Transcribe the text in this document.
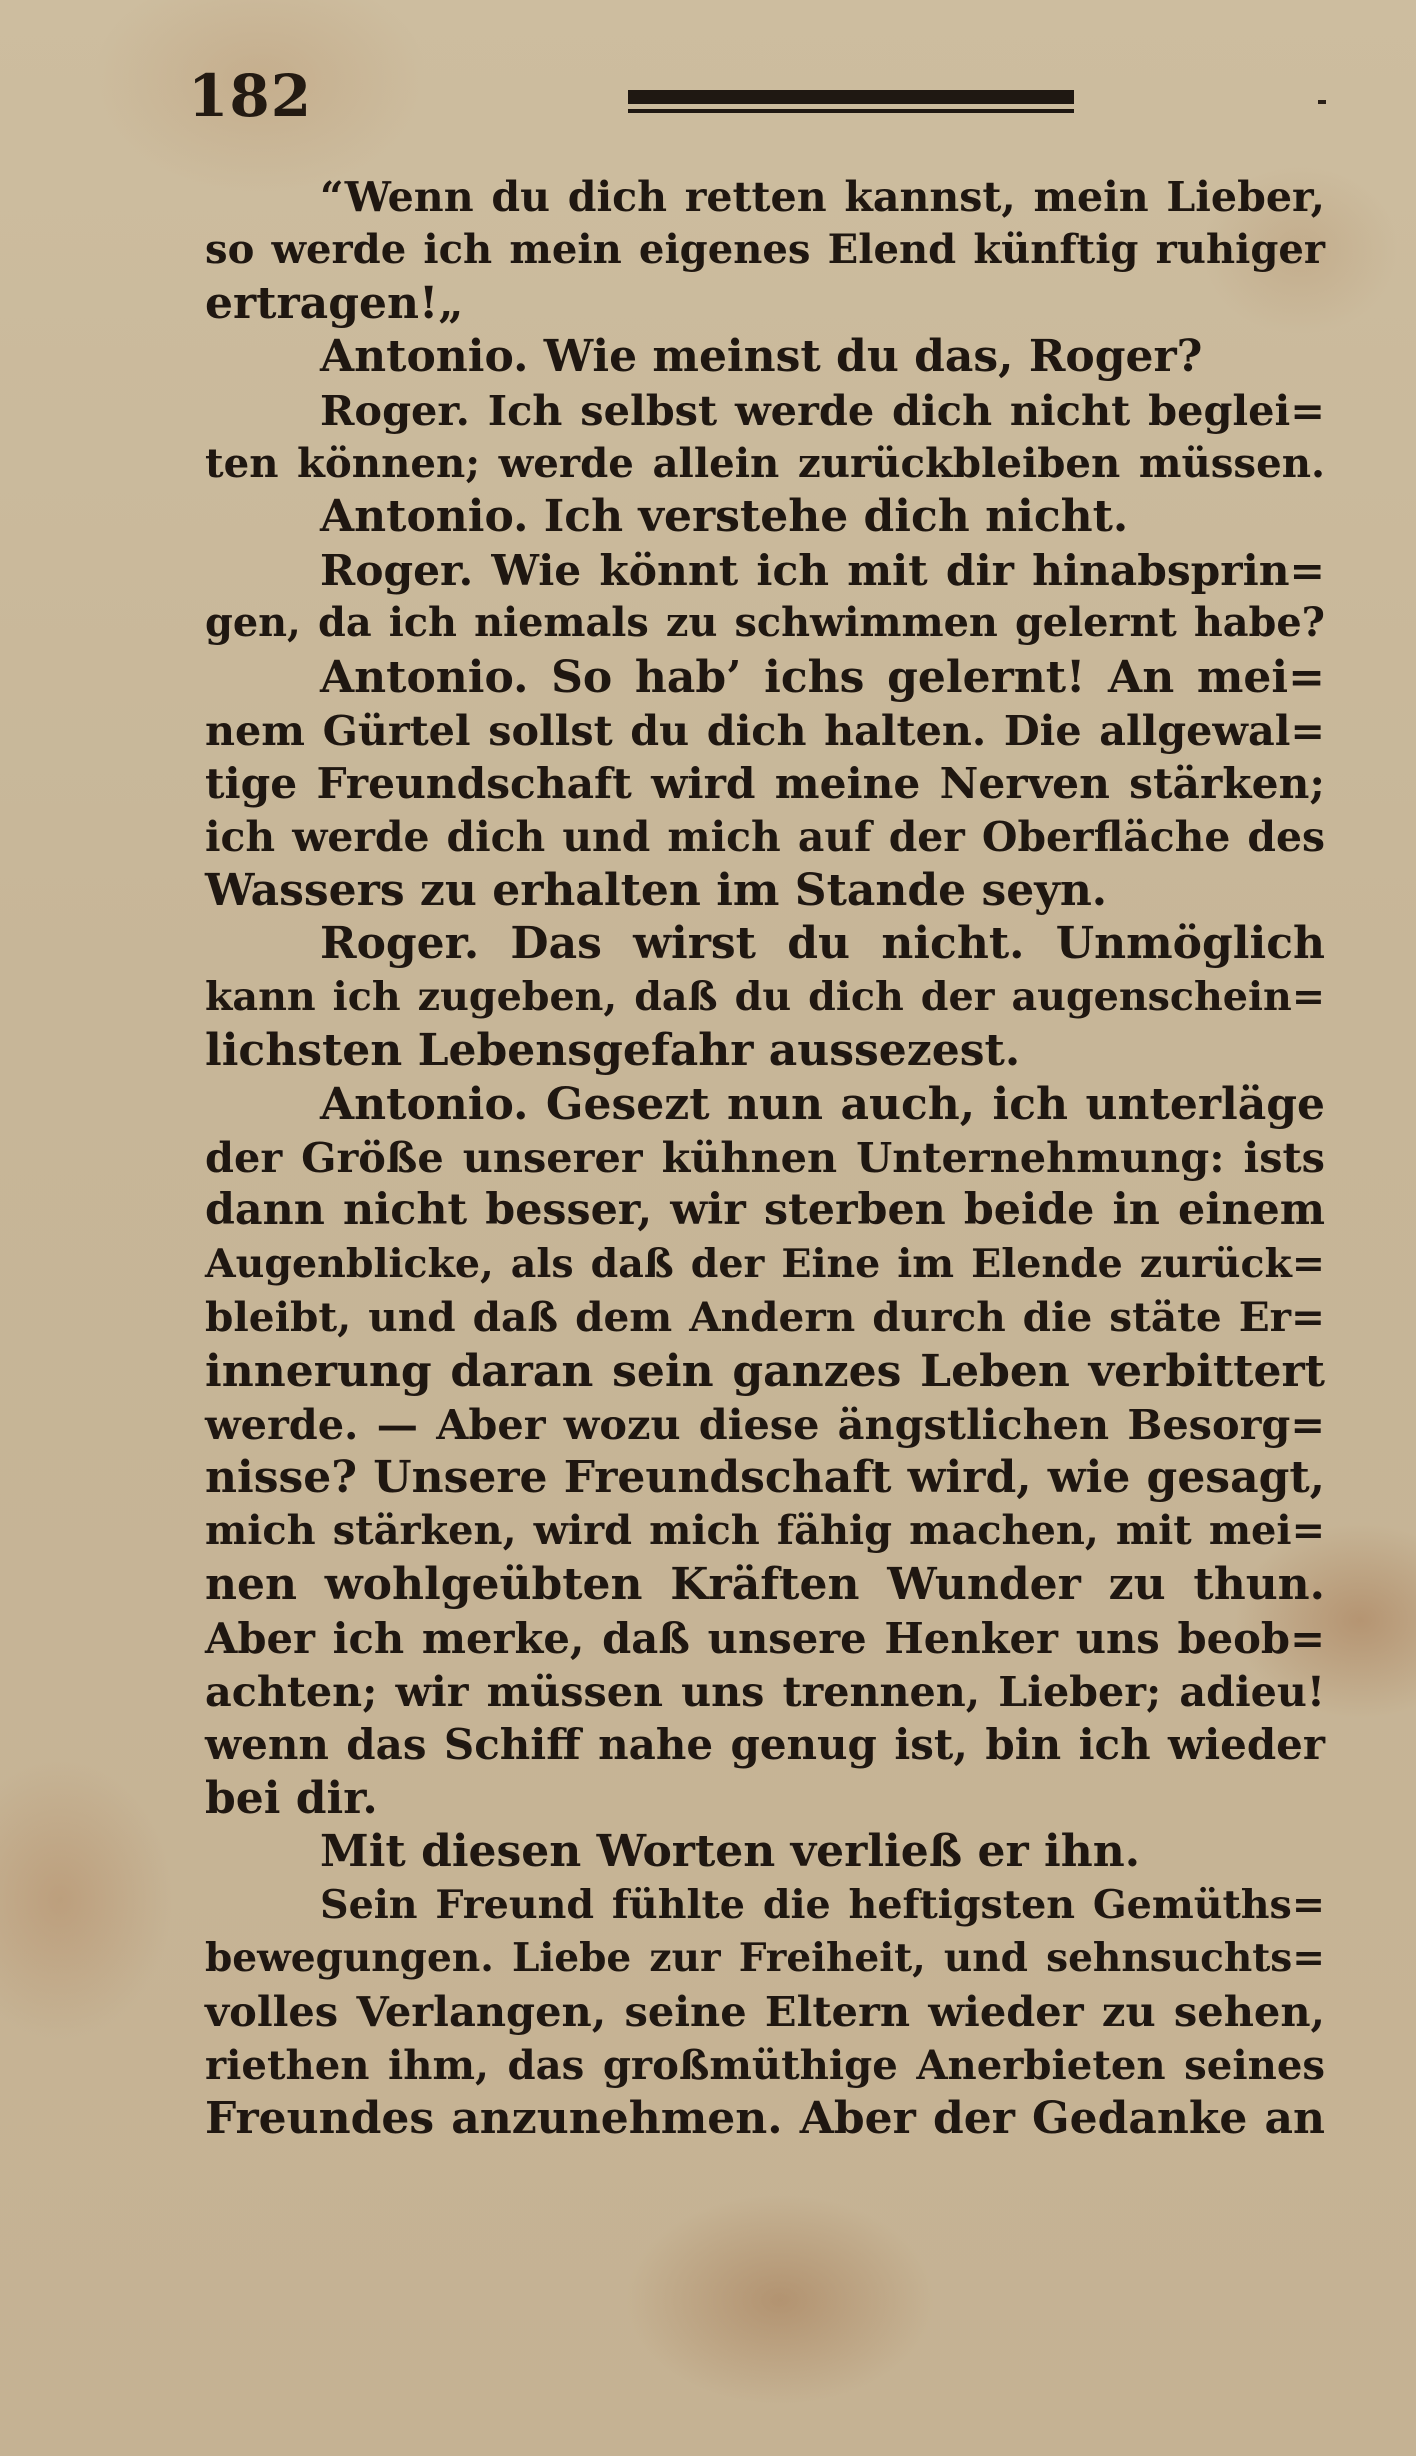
182
“Wenn du dich retten kannst, mein Lieber,
so werde ich mein eigenes Elend künftig ruhiger
ertragen!„
Antonio. Wie meinst du das, Roger?
Roger. Ich selbst werde dich nicht beglei=
ten können; werde allein zurückbleiben müssen.
Antonio. Ich verstehe dich nicht.
Roger. Wie könnt ich mit dir hinabsprin=
gen, da ich niemals zu schwimmen gelernt habe?
Antonio. So hab’ ichs gelernt! An mei=
nem Gürtel sollst du dich halten. Die allgewal=
tige Freundschaft wird meine Nerven stärken;
ich werde dich und mich auf der Oberfläche des
Wassers zu erhalten im Stande seyn.
Roger. Das wirst du nicht. Unmöglich
kann ich zugeben, daß du dich der augenschein=
lichsten Lebensgefahr aussezest.
Antonio. Gesezt nun auch, ich unterläge
der Größe unserer kühnen Unternehmung: ists
dann nicht besser, wir sterben beide in einem
Augenblicke, als daß der Eine im Elende zurück=
bleibt, und daß dem Andern durch die stäte Er=
innerung daran sein ganzes Leben verbittert
werde. — Aber wozu diese ängstlichen Besorg=
nisse? Unsere Freundschaft wird, wie gesagt,
mich stärken, wird mich fähig machen, mit mei=
nen wohlgeübten Kräften Wunder zu thun.
Aber ich merke, daß unsere Henker uns beob=
achten; wir müssen uns trennen, Lieber; adieu!
wenn das Schiff nahe genug ist, bin ich wieder
bei dir.
Mit diesen Worten verließ er ihn.
Sein Freund fühlte die heftigsten Gemüths=
bewegungen. Liebe zur Freiheit, und sehnsuchts=
volles Verlangen, seine Eltern wieder zu sehen,
riethen ihm, das großmüthige Anerbieten seines
Freundes anzunehmen. Aber der Gedanke an
